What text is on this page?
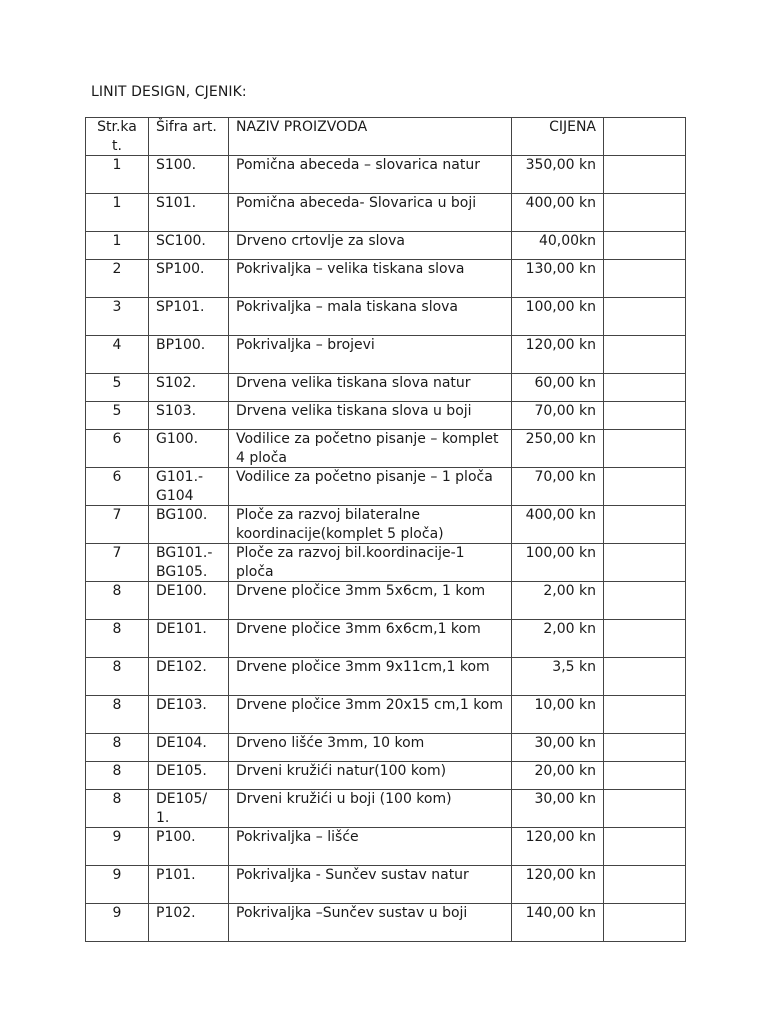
LINIT DESIGN, CJENIK:
Str.ka t.	Šifra art.	NAZIV PROIZVODA	CIJENA	
1	S100.	Pomična abeceda – slovarica natur	350,00 kn	
1	S101.	Pomična abeceda- Slovarica u boji	400,00 kn	
1	SC100.	Drveno crtovlje za slova	40,00kn	
2	SP100.	Pokrivaljka – velika tiskana slova	130,00 kn	
3	SP101.	Pokrivaljka – mala tiskana slova	100,00 kn	
4	BP100.	Pokrivaljka – brojevi	120,00 kn	
5	S102.	Drvena velika tiskana slova natur	60,00 kn	
5	S103.	Drvena velika tiskana slova u boji	70,00 kn	
6	G100.	Vodilice za početno pisanje – komplet 4 ploča	250,00 kn	
6	G101.- G104	Vodilice za početno pisanje – 1 ploča	70,00 kn	
7	BG100.	Ploče za razvoj bilateralne koordinacije(komplet 5 ploča)	400,00 kn	
7	BG101.- BG105.	Ploče za razvoj bil.koordinacije-1 ploča	100,00 kn	
8	DE100.	Drvene pločice 3mm 5x6cm, 1 kom	2,00 kn	
8	DE101.	Drvene pločice 3mm 6x6cm,1 kom	2,00 kn	
8	DE102.	Drvene pločice 3mm 9x11cm,1 kom	3,5 kn	
8	DE103.	Drvene pločice 3mm 20x15 cm,1 kom	10,00 kn	
8	DE104.	Drveno lišće 3mm, 10 kom	30,00 kn	
8	DE105.	Drveni kružići natur(100 kom)	20,00 kn	
8	DE105/ 1.	Drveni kružići u boji (100 kom)	30,00 kn	
9	P100.	Pokrivaljka – lišće	120,00 kn	
9	P101.	Pokrivaljka - Sunčev sustav natur	120,00 kn	
9	P102.	Pokrivaljka –Sunčev sustav u boji	140,00 kn	
